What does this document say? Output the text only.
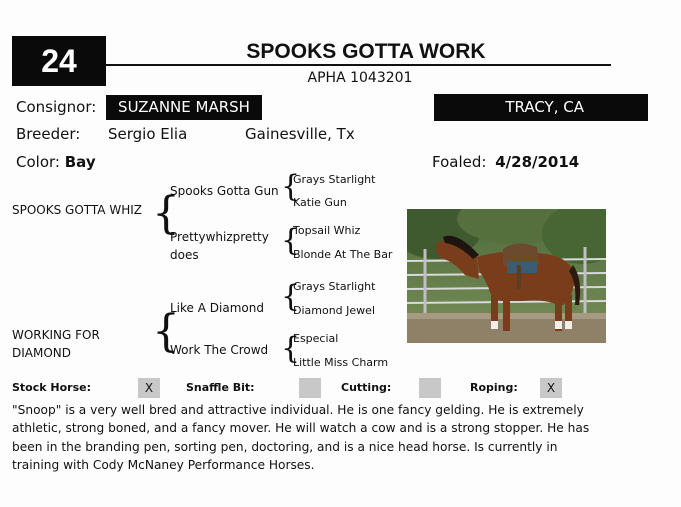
24	SPOOKS GOTTA WORK
APHA 1043201
Consignor:	SUZANNE MARSH	TRACY, CA
Breeder: Sergio Elia	Gainesville, Tx
Color: Bay	Foaled: 4/28/2014
SPOOKS GOTTA WHIZ {
Spooks Gotta Gun
Prettywhizpretty does
{
Grays Starlight
Katie Gun
{
Topsail Whiz
Blonde At The Bar
WORKING FOR DIAMOND	{
Like A Diamond
Work The Crowd
{
Grays Starlight
Diamond Jewel
{
Especial
Little Miss Charm
Stock Horse:	X	Snaffle Bit:	Cutting:	Roping:	X
"Snoop" is a very well bred and attractive individual. He is one fancy gelding. He is extremely athletic, strong boned, and a fancy mover. He will watch a cow and is a strong stopper. He has been in the branding pen, sorting pen, doctoring, and is a nice head horse. Is currently in training with Cody McNaney Performance Horses.
